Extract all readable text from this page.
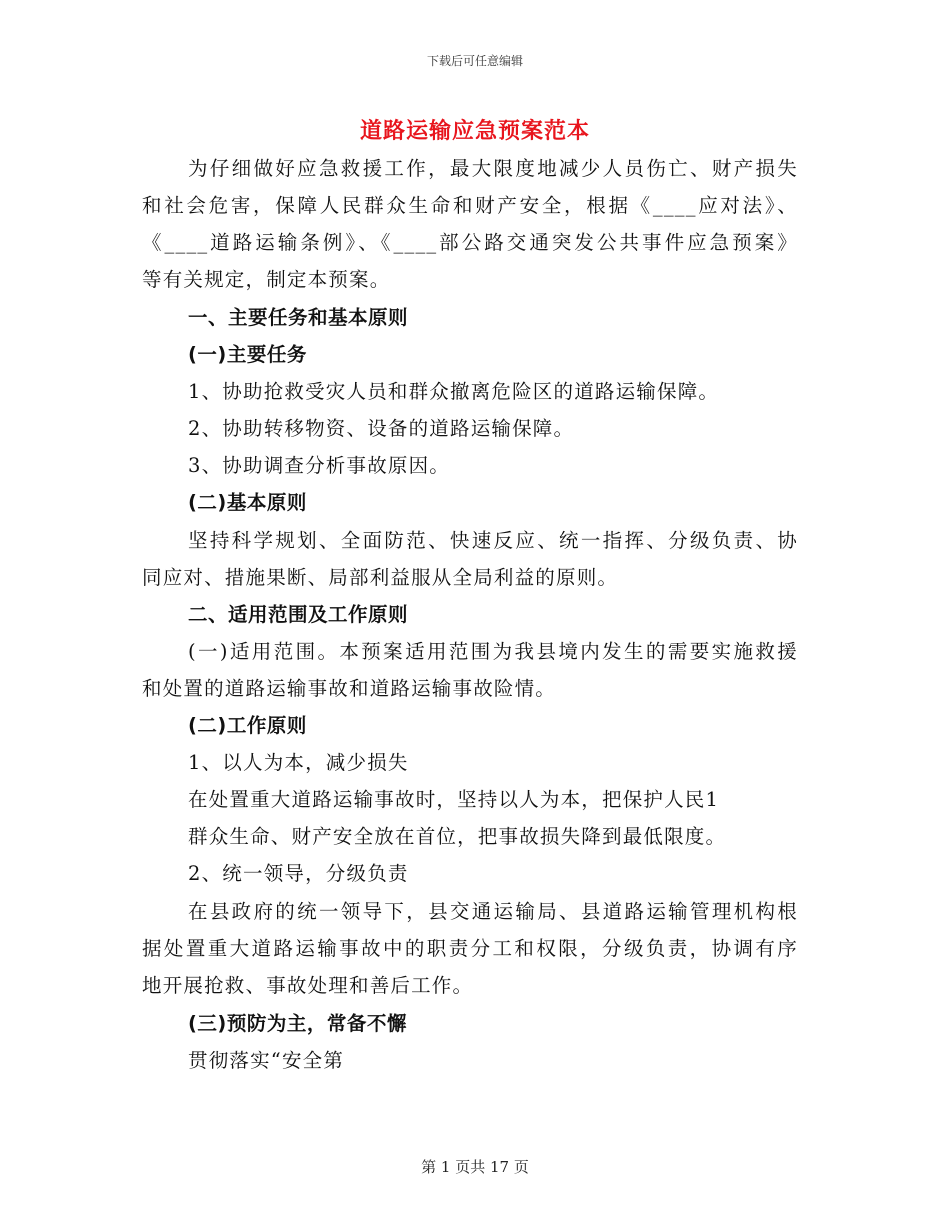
下载后可任意编辑
道路运输应急预案范本
为仔细做好应急救援工作，最大限度地减少人员伤亡、财产损失
和社会危害，保障人民群众生命和财产安全，根据《____应对法》、
《____道路运输条例》、《____部公路交通突发公共事件应急预案》
等有关规定，制定本预案。
一、主要任务和基本原则
(一)主要任务
1、协助抢救受灾人员和群众撤离危险区的道路运输保障。
2、协助转移物资、设备的道路运输保障。
3、协助调查分析事故原因。
(二)基本原则
坚持科学规划、全面防范、快速反应、统一指挥、分级负责、协
同应对、措施果断、局部利益服从全局利益的原则。
二、适用范围及工作原则
(一)适用范围。本预案适用范围为我县境内发生的需要实施救援
和处置的道路运输事故和道路运输事故险情。
(二)工作原则
1、以人为本，减少损失
在处置重大道路运输事故时，坚持以人为本，把保护人民1
群众生命、财产安全放在首位，把事故损失降到最低限度。
2、统一领导，分级负责
在县政府的统一领导下，县交通运输局、县道路运输管理机构根
据处置重大道路运输事故中的职责分工和权限，分级负责，协调有序
地开展抢救、事故处理和善后工作。
(三)预防为主，常备不懈
贯彻落实“安全第
第 1 页共 17 页
